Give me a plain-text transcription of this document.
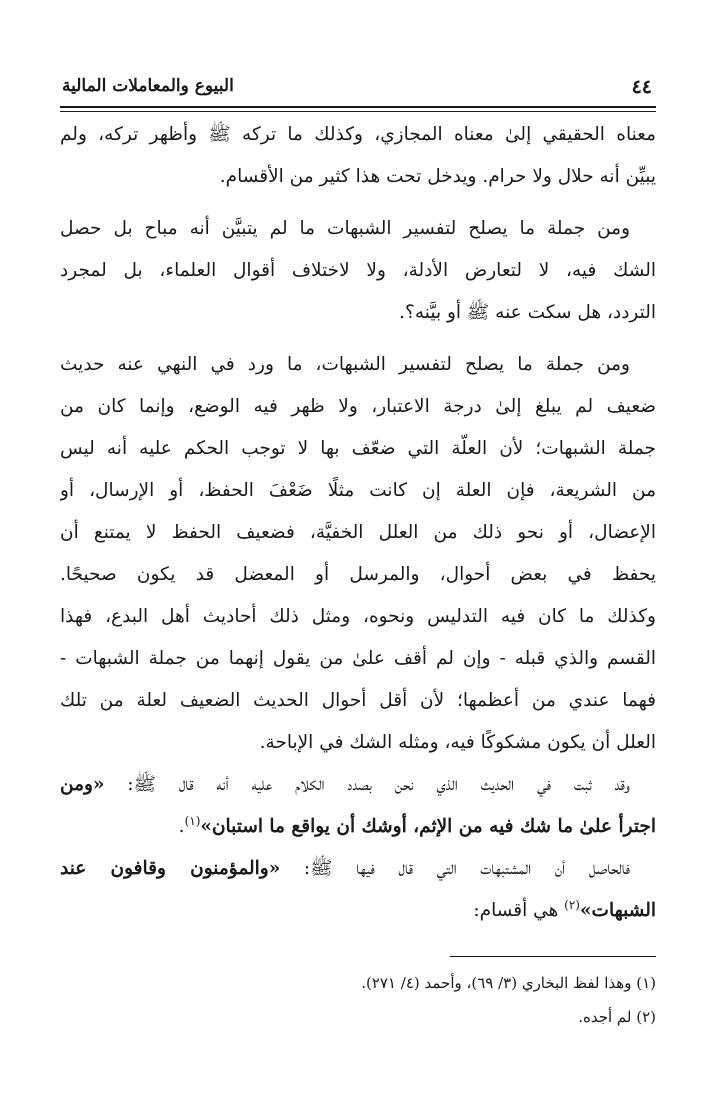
٤٤
البيوع والمعاملات المالية
معناه الحقيقي إلىٰ معناه المجازي، وكذلك ما تركه ﷺ وأظهر تركه، ولم
يبيِّن أنه حلال ولا حرام. ويدخل تحت هذا كثير من الأقسام.
ومن جملة ما يصلح لتفسير الشبهات ما لم يتبيَّن أنه مباح بل حصل
الشك فيه، لا لتعارض الأدلة، ولا لاختلاف أقوال العلماء، بل لمجرد
التردد، هل سكت عنه ﷺ أو بيَّنه؟.
ومن جملة ما يصلح لتفسير الشبهات، ما ورد في النهي عنه حديث
ضعيف لم يبلغ إلىٰ درجة الاعتبار، ولا ظهر فيه الوضع، وإنما كان من
جملة الشبهات؛ لأن العلّة التي ضعّف بها لا توجب الحكم عليه أنه ليس
من الشريعة، فإن العلة إن كانت مثلًا ضَعْفَ الحفظ، أو الإرسال، أو
الإعضال، أو نحو ذلك من العلل الخفيَّة، فضعيف الحفظ لا يمتنع أن
يحفظ في بعض أحوال، والمرسل أو المعضل قد يكون صحيحًا.
وكذلك ما كان فيه التدليس ونحوه، ومثل ذلك أحاديث أهل البدع، فهذا
القسم والذي قبله - وإن لم أقف علىٰ من يقول إنهما من جملة الشبهات -
فهما عندي من أعظمها؛ لأن أقل أحوال الحديث الضعيف لعلة من تلك
العلل أن يكون مشكوكًا فيه، ومثله الشك في الإباحة.
وقد ثبت في الحديث الذي نحن بصدد الكلام عليه أنه قال ﷺ: «ومن
اجترأ علىٰ ما شك فيه من الإثم، أوشك أن يواقع ما استبان»$^{(١)}$.
فالحاصل أن المشتبهات التي قال فيها ﷺ: «والمؤمنون وقافون عند
الشبهات»$^{(٢)}$ هي أقسام:
(١) وهذا لفظ البخاري (٣/ ٦٩)، وأحمد (٤/ ٢٧١).
(٢) لم أجده.
